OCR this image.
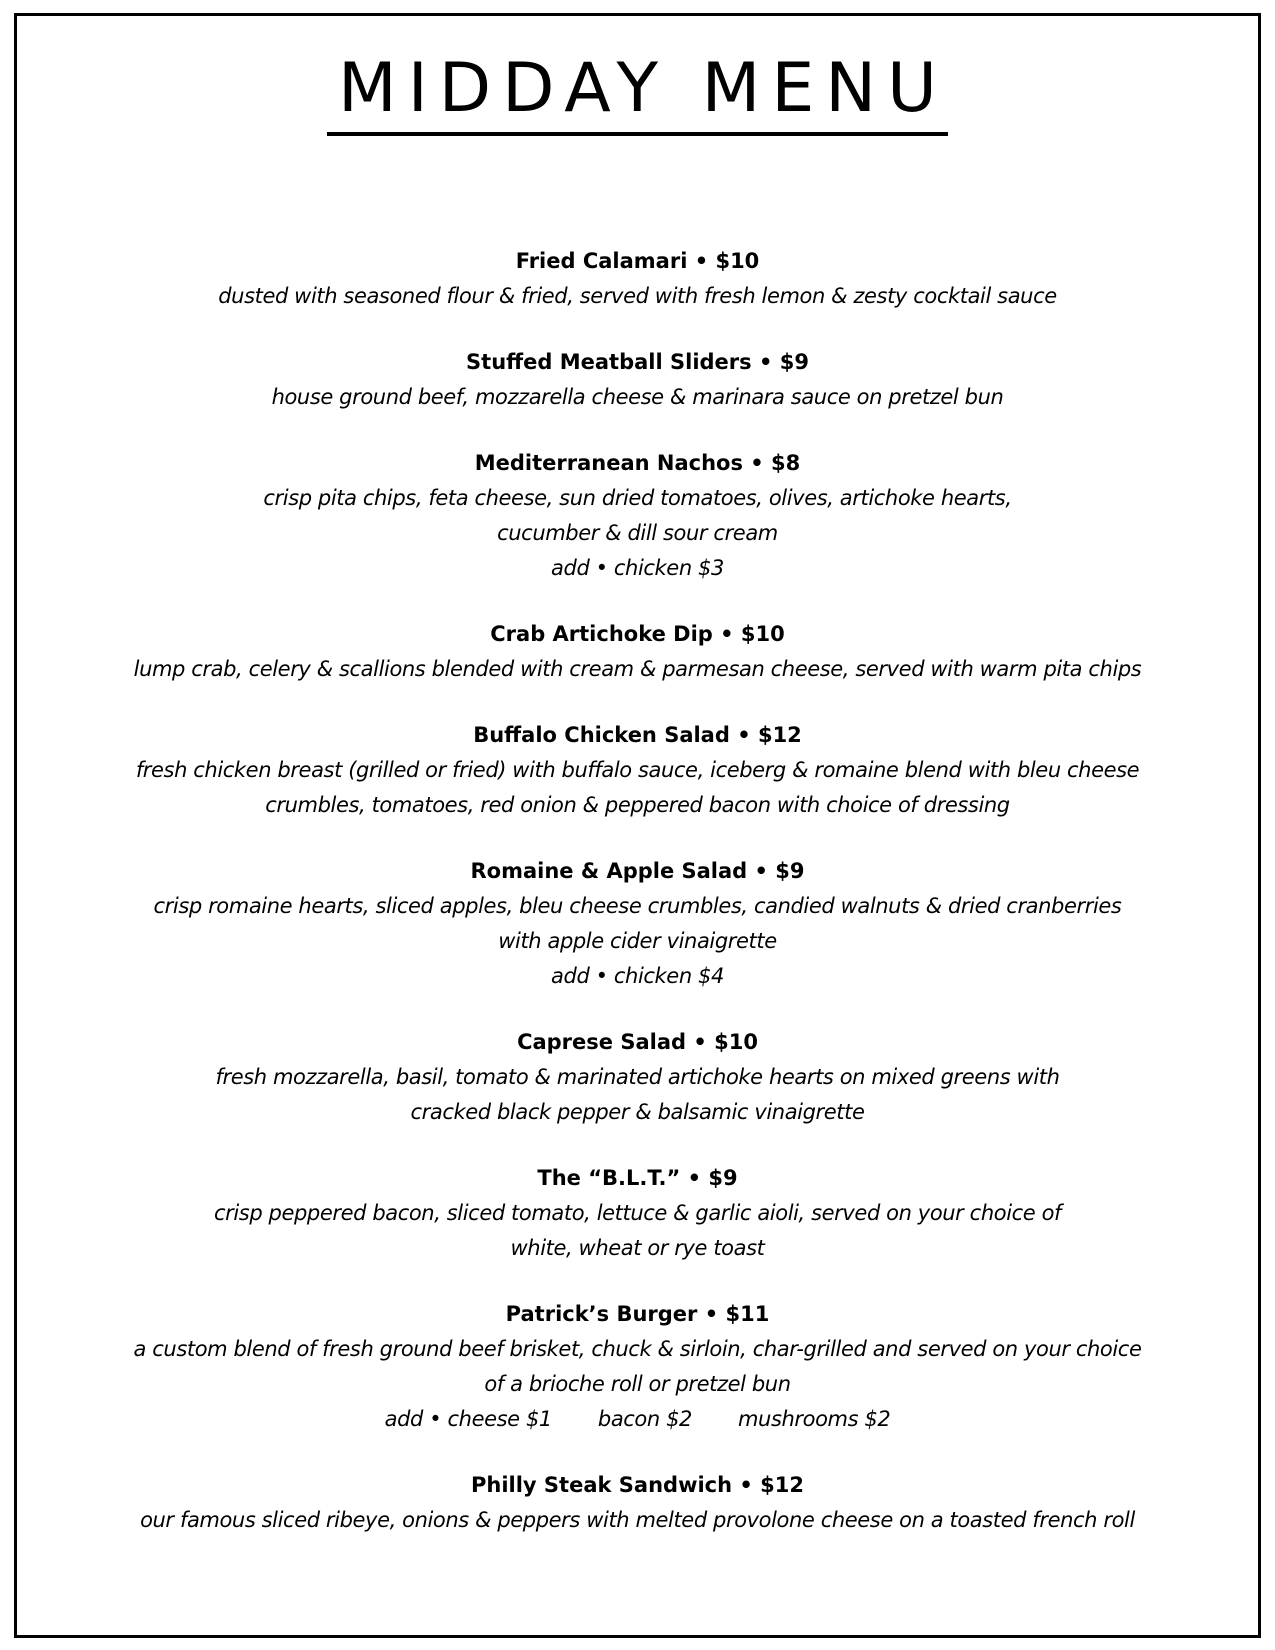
MIDDAY MENU
Fried Calamari • $10
dusted with seasoned flour & fried, served with fresh lemon & zesty cocktail sauce
Stuffed Meatball Sliders • $9
house ground beef, mozzarella cheese & marinara sauce on pretzel bun
Mediterranean Nachos • $8
crisp pita chips, feta cheese, sun dried tomatoes, olives, artichoke hearts,
cucumber & dill sour cream
add • chicken $3
Crab Artichoke Dip • $10
lump crab, celery & scallions blended with cream & parmesan cheese, served with warm pita chips
Buffalo Chicken Salad • $12
fresh chicken breast (grilled or fried) with buffalo sauce, iceberg & romaine blend with bleu cheese
crumbles, tomatoes, red onion & peppered bacon with choice of dressing
Romaine & Apple Salad • $9
crisp romaine hearts, sliced apples, bleu cheese crumbles, candied walnuts & dried cranberries
with apple cider vinaigrette
add • chicken $4
Caprese Salad • $10
fresh mozzarella, basil, tomato & marinated artichoke hearts on mixed greens with
cracked black pepper & balsamic vinaigrette
The “B.L.T.” • $9
crisp peppered bacon, sliced tomato, lettuce & garlic aioli, served on your choice of
white, wheat or rye toast
Patrick’s Burger • $11
a custom blend of fresh ground beef brisket, chuck & sirloin, char-grilled and served on your choice
of a brioche roll or pretzel bun
add • cheese $1 bacon $2 mushrooms $2
Philly Steak Sandwich • $12
our famous sliced ribeye, onions & peppers with melted provolone cheese on a toasted french roll
